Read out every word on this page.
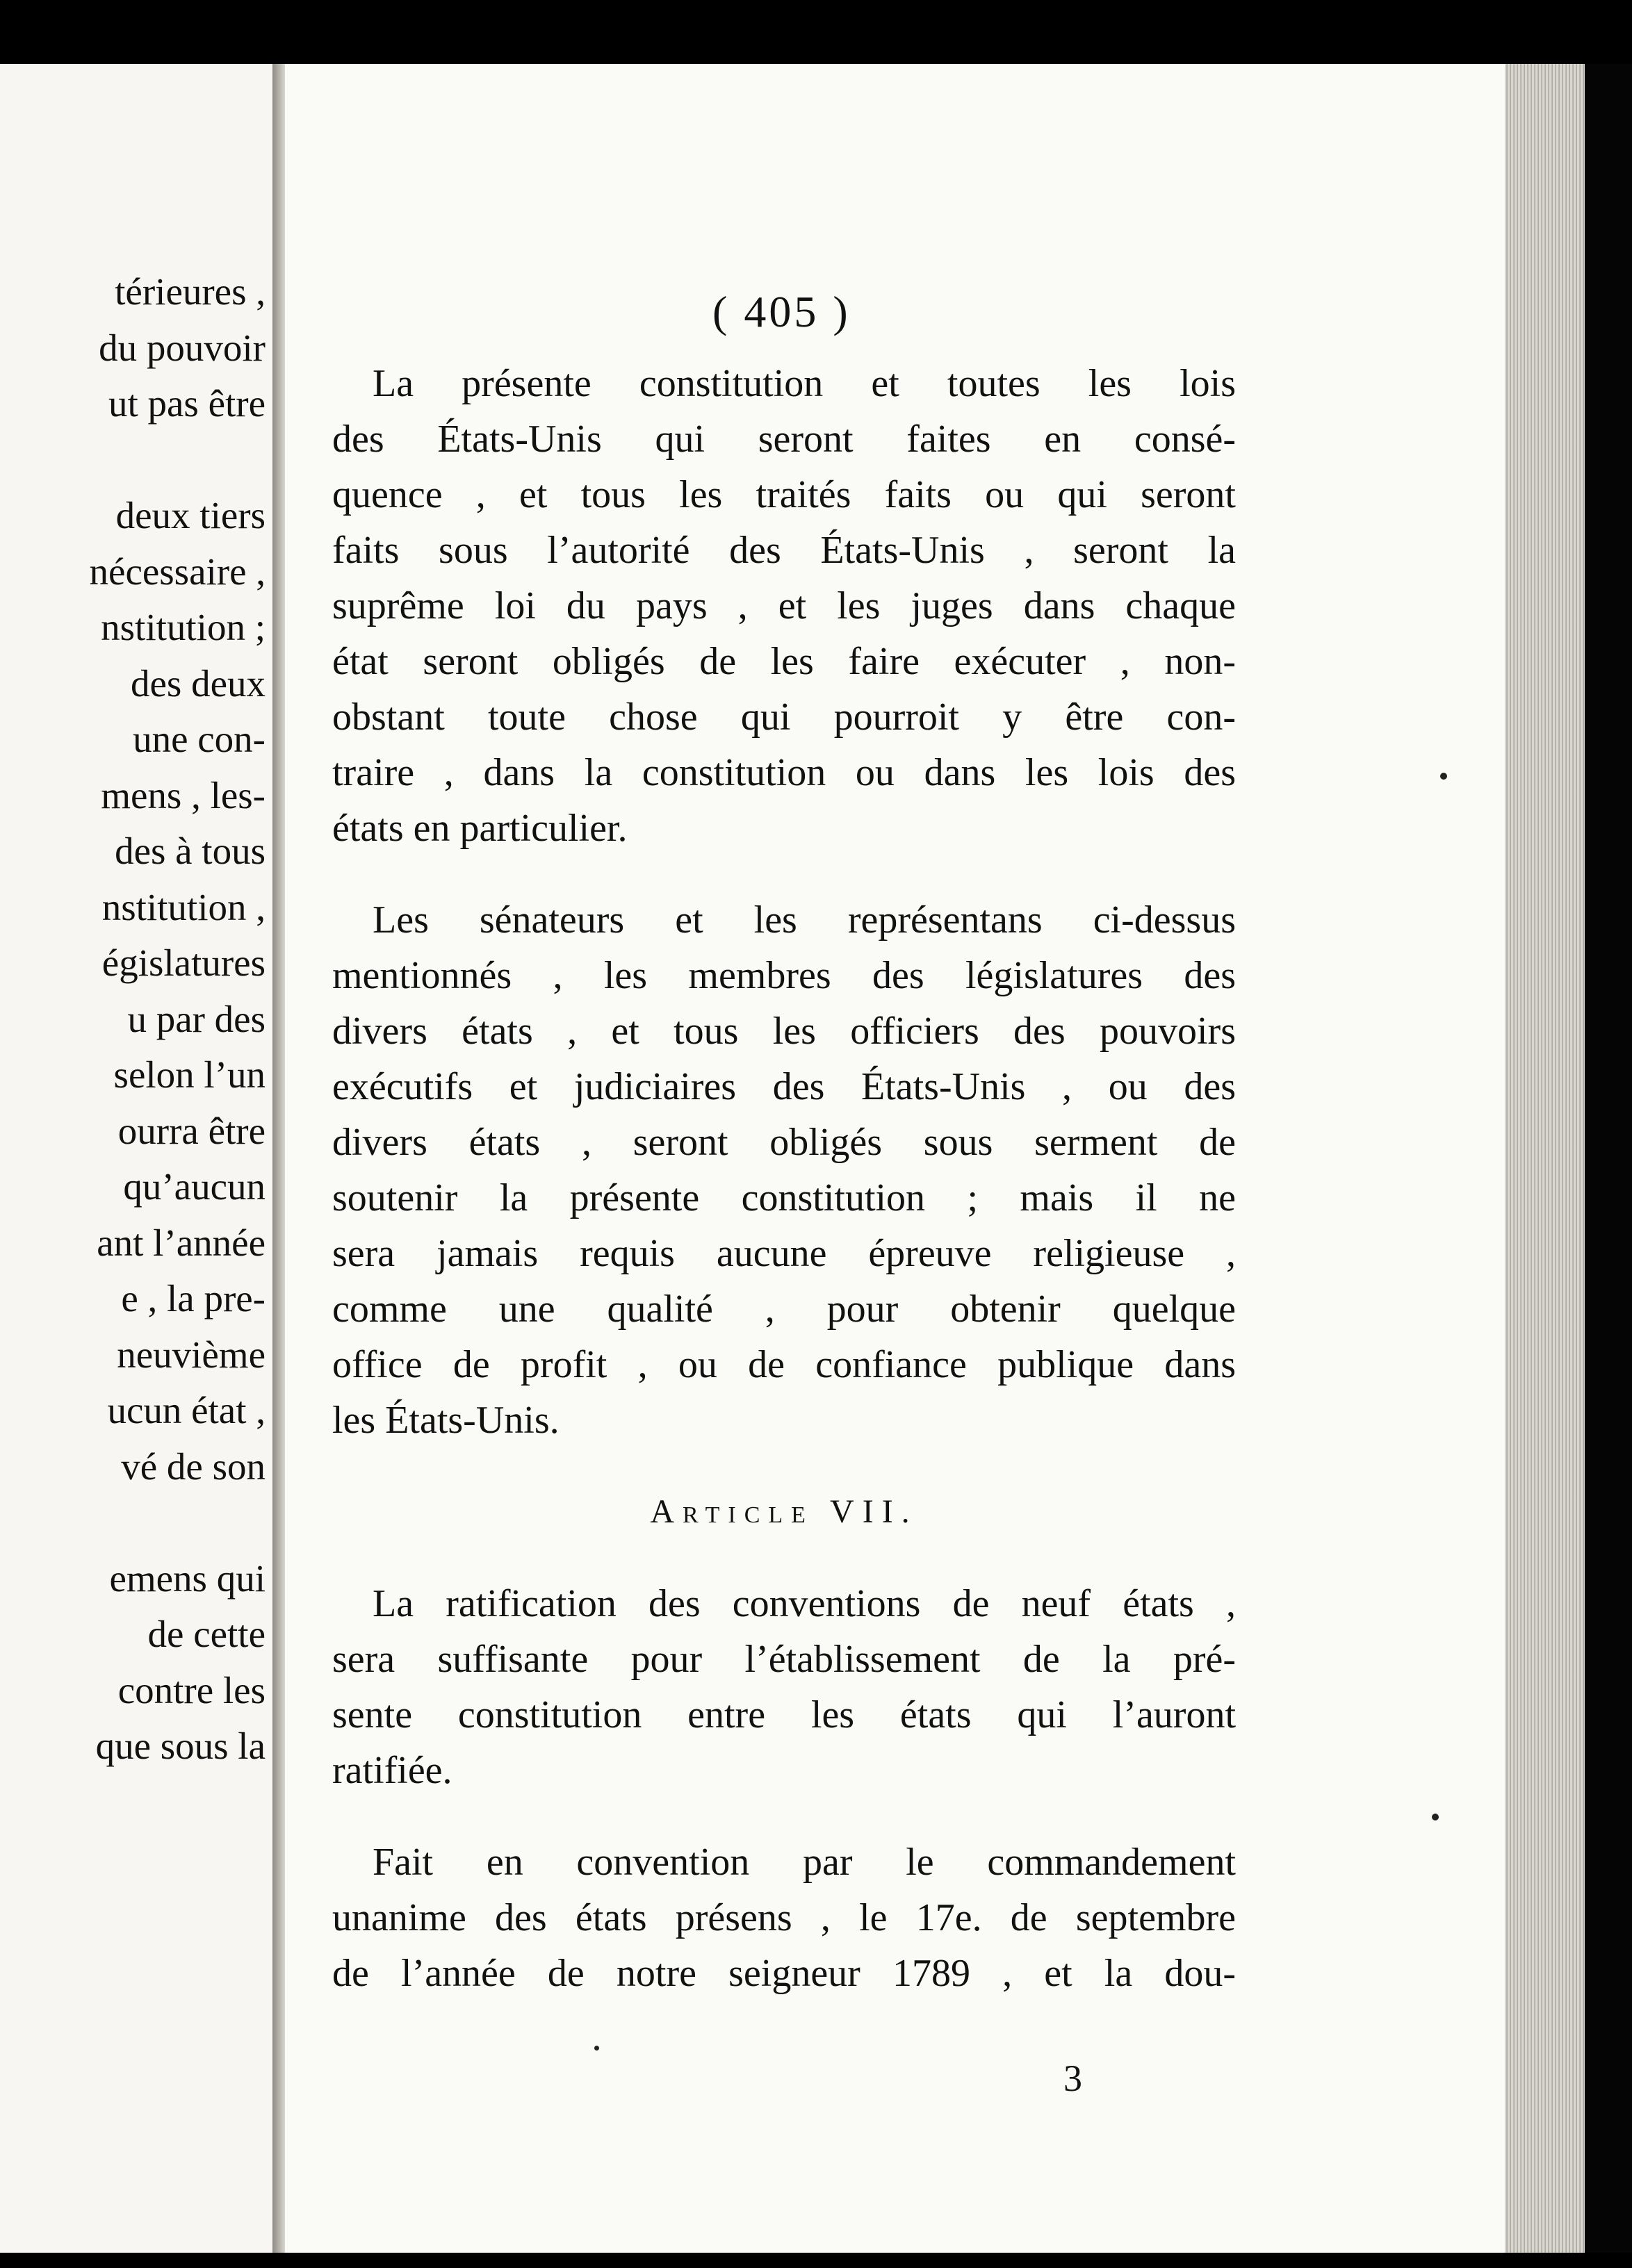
térieures ,
du pouvoir
ut pas être
deux tiers
nécessaire ,
nstitution ;
des deux
une con-
mens , les-
des à tous
nstitution ,
égislatures
u par des
selon l’un
ourra être
qu’aucun
ant l’année
e , la pre-
neuvième
ucun état ,
vé de son
emens qui
de cette
contre les
que sous la
( 405 )
La présente constitution et toutes les lois
des États-Unis qui seront faites en consé-
quence , et tous les traités faits ou qui seront
faits sous l’autorité des États-Unis , seront la
suprême loi du pays , et les juges dans chaque
état seront obligés de les faire exécuter , non-
obstant toute chose qui pourroit y être con-
traire , dans la constitution ou dans les lois des
états en particulier.
Les sénateurs et les représentans ci-dessus
mentionnés , les membres des législatures des
divers états , et tous les officiers des pouvoirs
exécutifs et judiciaires des États-Unis , ou des
divers états , seront obligés sous serment de
soutenir la présente constitution ; mais il ne
sera jamais requis aucune épreuve religieuse ,
comme une qualité , pour obtenir quelque
office de profit , ou de confiance publique dans
les États-Unis.
Article VII.
La ratification des conventions de neuf états ,
sera suffisante pour l’établissement de la pré-
sente constitution entre les états qui l’auront
ratifiée.
Fait en convention par le commandement
unanime des états présens , le 17e. de septembre
de l’année de notre seigneur 1789 , et la dou-
3
